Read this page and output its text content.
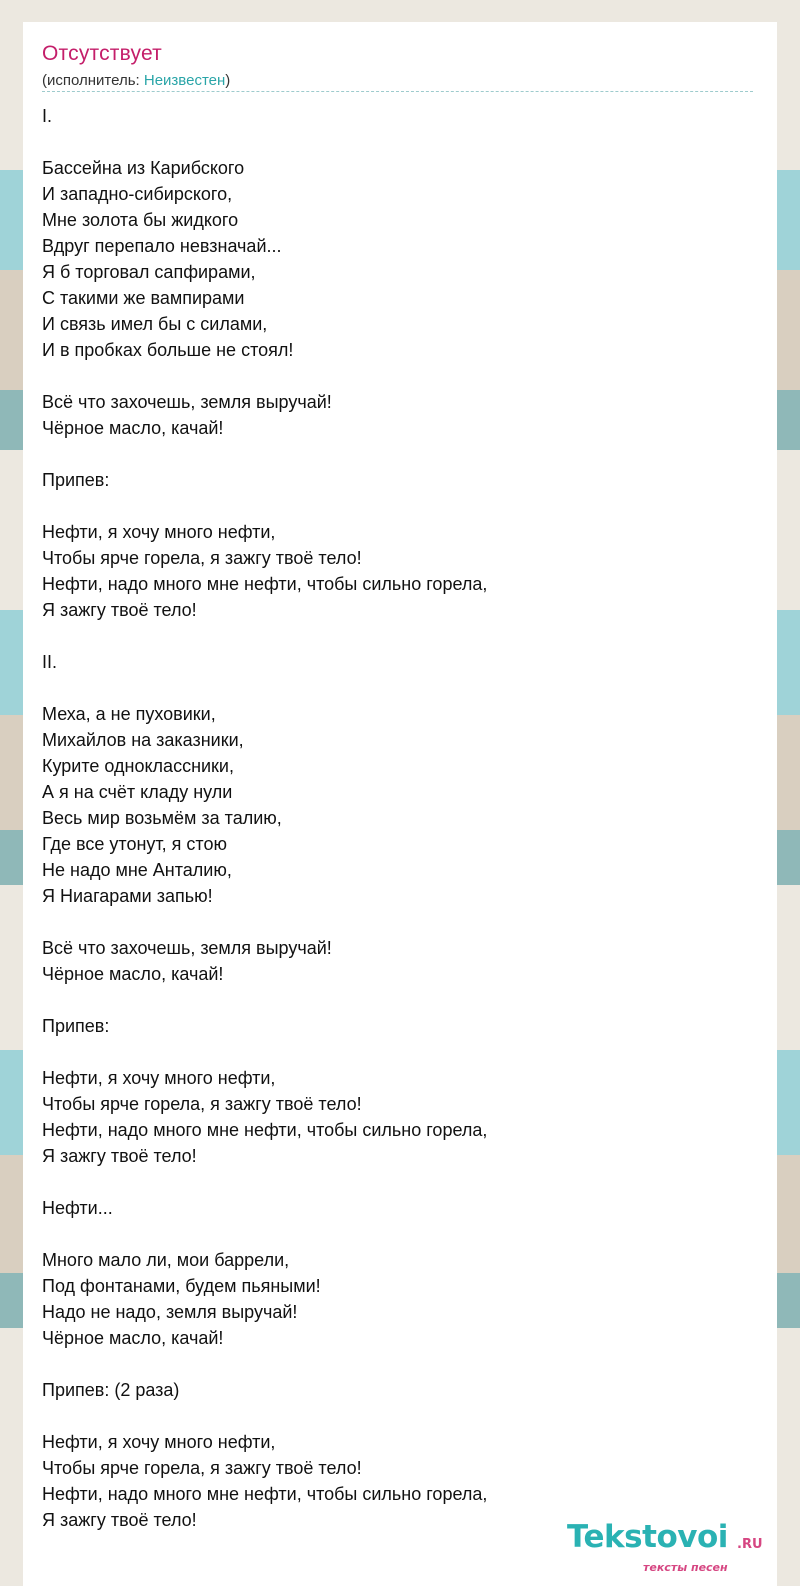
Отсутствует
(исполнитель: Неизвестен)
I.
Бассейна из Карибского
И западно-сибирского,
Мне золота бы жидкого
Вдруг перепало невзначай...
Я б торговал сапфирами,
С такими же вампирами
И связь имел бы с силами,
И в пробках больше не стоял!
Всё что захочешь, земля выручай!
Чёрное масло, качай!
Припев:
Нефти, я хочу много нефти,
Чтобы ярче горела, я зажгу твоё тело!
Нефти, надо много мне нефти, чтобы сильно горела,
Я зажгу твоё тело!
II.
Меха, а не пуховики,
Михайлов на заказники,
Курите одноклассники,
А я на счёт кладу нули
Весь мир возьмём за талию,
Где все утонут, я стою
Не надо мне Анталию,
Я Ниагарами запью!
Всё что захочешь, земля выручай!
Чёрное масло, качай!
Припев:
Нефти, я хочу много нефти,
Чтобы ярче горела, я зажгу твоё тело!
Нефти, надо много мне нефти, чтобы сильно горела,
Я зажгу твоё тело!
Нефти...
Много мало ли, мои баррели,
Под фонтанами, будем пьяными!
Надо не надо, земля выручай!
Чёрное масло, качай!
Припев: (2 раза)
Нефти, я хочу много нефти,
Чтобы ярче горела, я зажгу твоё тело!
Нефти, надо много мне нефти, чтобы сильно горела,
Я зажгу твоё тело!	Tekstovoi .RU
тексты песен
